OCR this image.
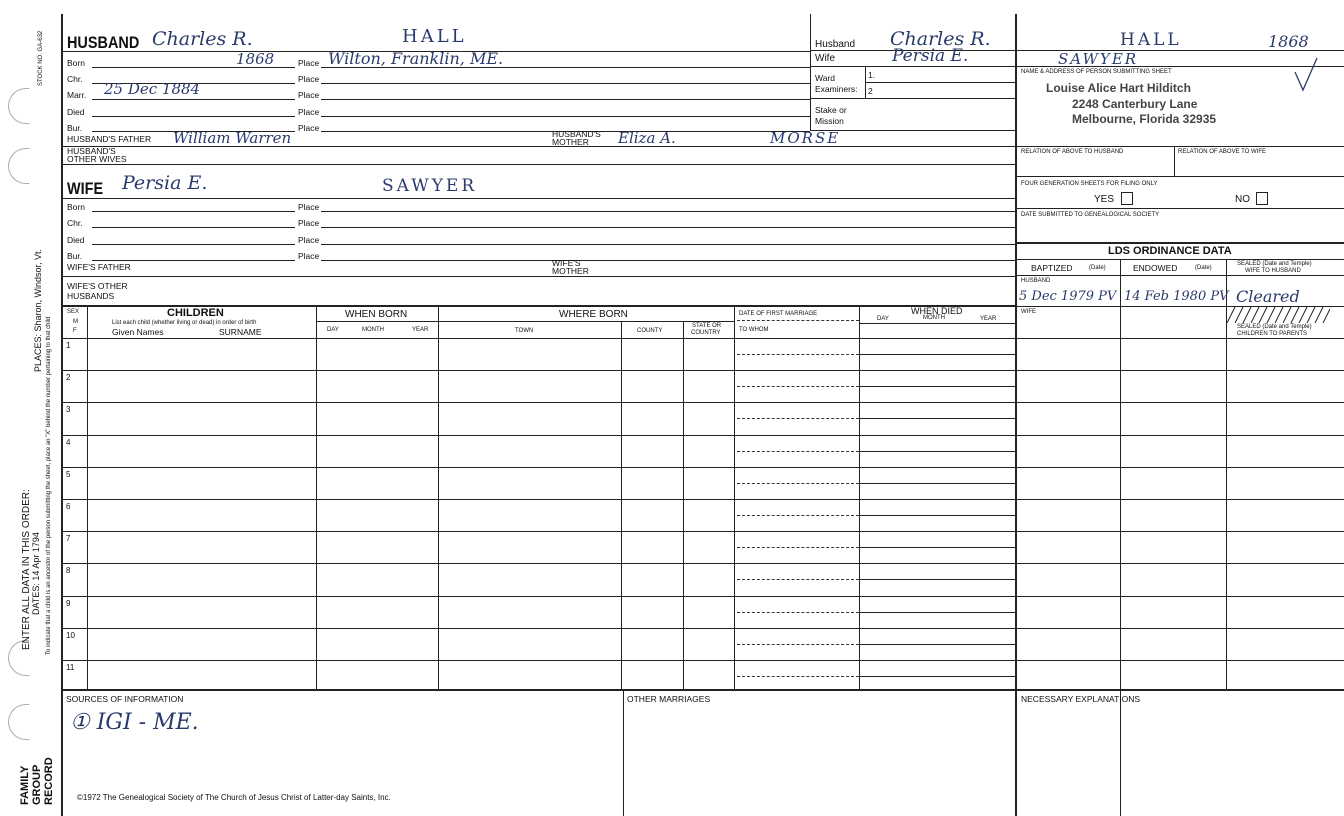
STOCK NO. GA-632
PLACES: Sharon, Windsor, Vt.
To indicate that a child is an ancestor of the person submitting the sheet, place an "X" behind the number pertaining to that child
ENTER ALL DATA IN THIS ORDER: DATES: 14 Apr 1794
FAMILY GROUP RECORD
HUSBAND Charles R.	HALL
Born	1868	Place Wilton, Franklin, ME.
Chr.	Place
Marr. 25 Dec 1884	Place
Died	Place
Bur.	Place
HUSBAND'S FATHER William Warren	HUSBAND'S
MOTHER Eliza A.	MORSE
HUSBAND'S
OTHER WIVES
WIFE Persia E.	SAWYER
Born	Place
Chr.	Place
Died	Place
Bur.	Place
WIFE'S FATHER	WIFE'S
MOTHER
WIFE'S OTHER
HUSBANDS
SEX
M
F
CHILDREN
List each child (whether living or dead) in order of birth
Given Names	SURNAME
WHEN BORN
DAY	MONTH	YEAR
WHERE BORN
TOWN	COUNTY
STATE OR
COUNTRY
DATE OF FIRST MARRIAGE
TO WHOM
WHEN DIED
DAY	MONTH	YEAR
1
2
3
4
5
6
7
8
9
10
11
SOURCES OF INFORMATION
① IGI - ME.
OTHER MARRIAGES
©1972 The Genealogical Society of The Church of Jesus Christ of Latter-day Saints, Inc.
Husband Charles R.	HALL	1868
Wife	Persia E.	SAWYER
Ward	1.
Examiners: 2
Stake or
Mission
NAME & ADDRESS OF PERSON SUBMITTING SHEET
Louise Alice Hart Hilditch
2248 Canterbury Lane
Melbourne, Florida 32935
RELATION OF ABOVE TO HUSBAND	RELATION OF ABOVE TO WIFE
FOUR GENERATION SHEETS FOR FILING ONLY
YES	NO
DATE SUBMITTED TO GENEALOGICAL SOCIETY
LDS ORDINANCE DATA
BAPTIZED	(Date)	ENDOWED	(Date)
SEALED (Date and Temple)
WIFE TO HUSBAND
HUSBAND
5 Dec 1979 PV 14 Feb 1980 PV Cleared
WIFE
SEALED (Date and Temple)
CHILDREN TO PARENTS
NECESSARY EXPLANATIONS
